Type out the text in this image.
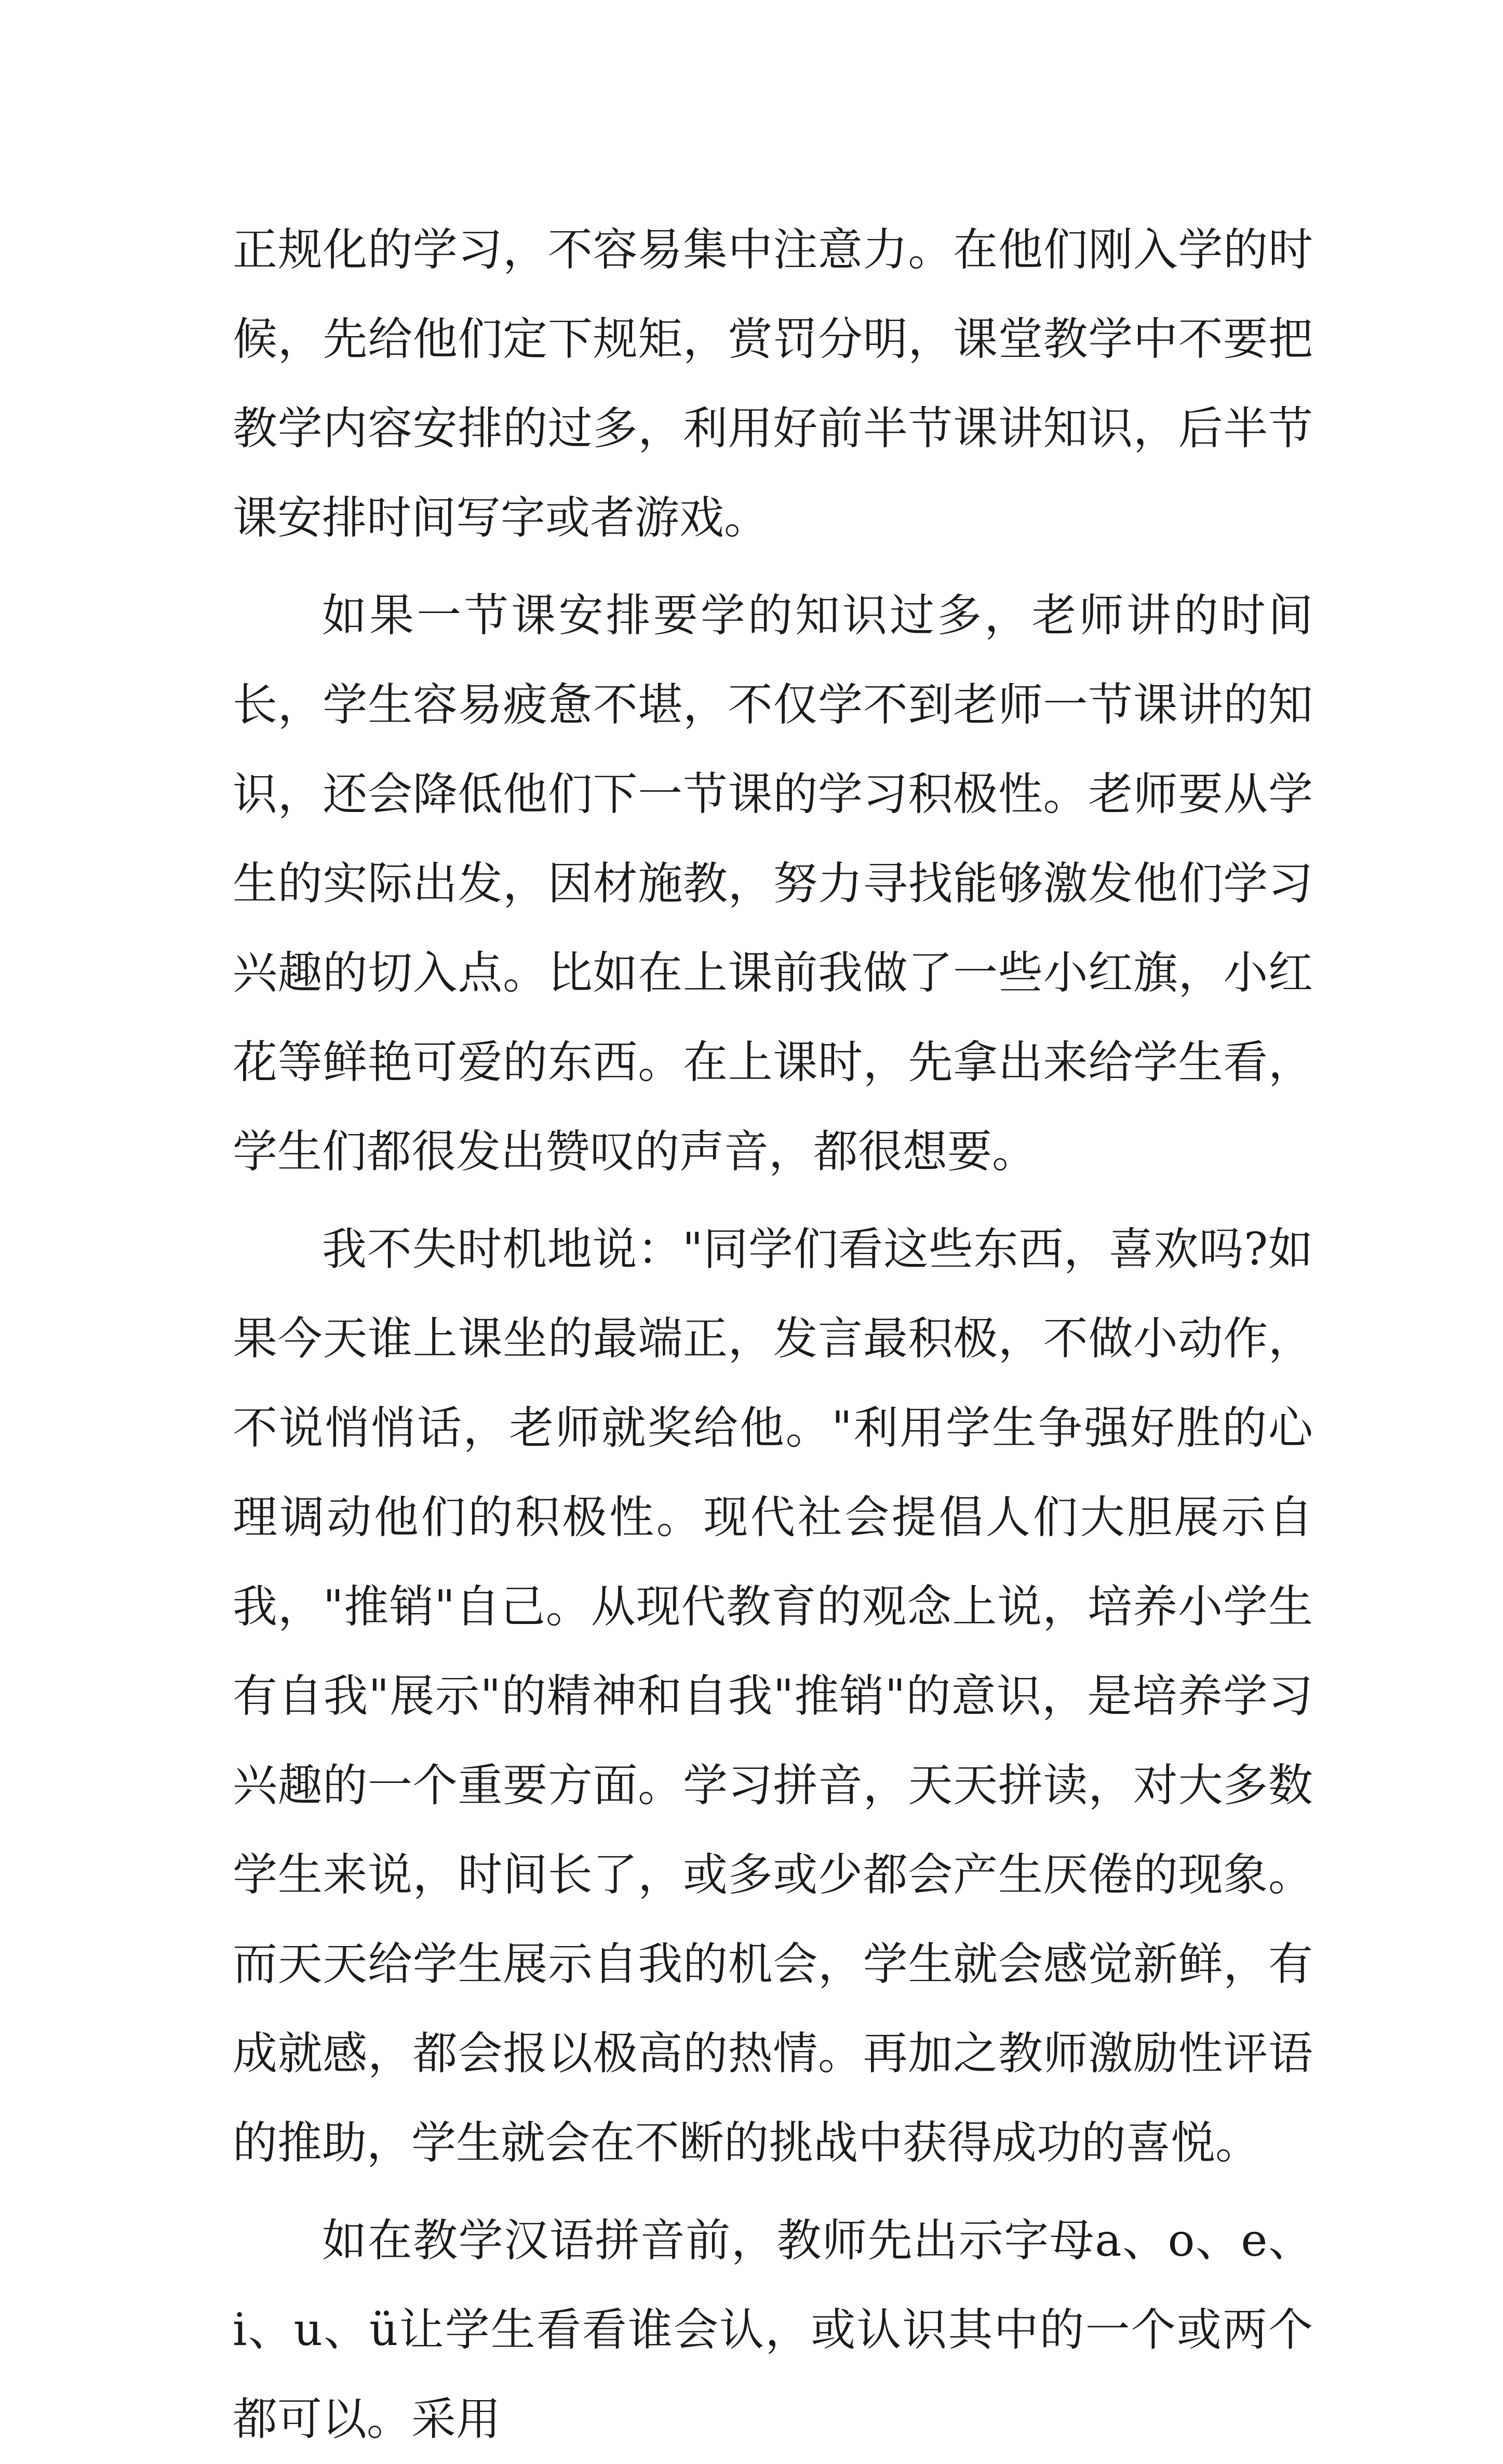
正规化的学习，不容易集中注意力。在他们刚入学的时候，先给他们定下规矩，赏罚分明，课堂教学中不要把教学内容安排的过多，利用好前半节课讲知识，后半节课安排时间写字或者游戏。

如果一节课安排要学的知识过多，老师讲的时间长，学生容易疲惫不堪，不仅学不到老师一节课讲的知识，还会降低他们下一节课的学习积极性。老师要从学生的实际出发，因材施教，努力寻找能够激发他们学习兴趣的切入点。比如在上课前我做了一些小红旗，小红花等鲜艳可爱的东西。在上课时，先拿出来给学生看，学生们都很发出赞叹的声音，都很想要。

我不失时机地说："同学们看这些东西，喜欢吗?如果今天谁上课坐的最端正，发言最积极，不做小动作，不说悄悄话，老师就奖给他。"利用学生争强好胜的心理调动他们的积极性。现代社会提倡人们大胆展示自我，"推销"自己。从现代教育的观念上说，培养小学生有自我"展示"的精神和自我"推销"的意识，是培养学习兴趣的一个重要方面。学习拼音，天天拼读，对大多数学生来说，时间长了，或多或少都会产生厌倦的现象。而天天给学生展示自我的机会，学生就会感觉新鲜，有成就感，都会报以极高的热情。再加之教师激励性评语的推助，学生就会在不断的挑战中获得成功的喜悦。

如在教学汉语拼音前，教师先出示字母a、o、e、i、u、ü让学生看看谁会认，或认识其中的一个或两个都可以。采用
